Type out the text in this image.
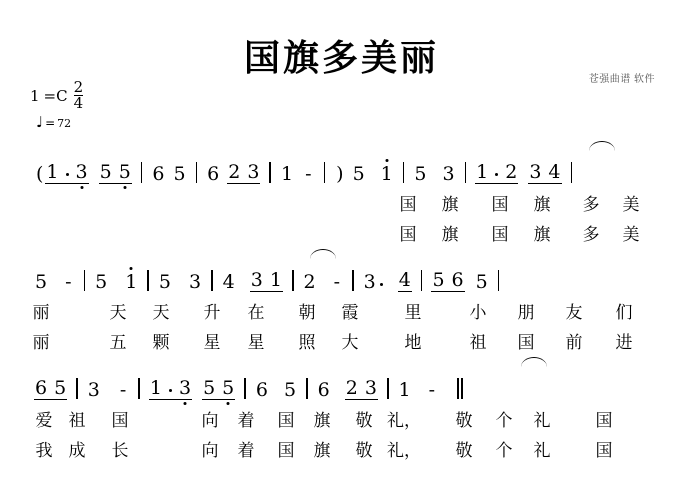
国旗多美丽
苍强曲谱 软件
$1 =C \frac{2}{4}$
♩ = 72
( 1 3 5 5 6 5 6 2 3 1 - ) 5 1 5 3 1 2 3 4
国 旗 国 旗 多 美
国 旗 国 旗 多 美
5 - 5 1 5 3 4 3 1 2 - 3 4 5 6 5
丽	天 天 升 在 朝 霞	里	小 朋 友 们
丽	五 颗 星 星 照 大	地	祖 国 前 进
6 5 3 - 1 3 5 5 6 5 6 2 3 1 -
爱 祖 国	向 着 国 旗 敬 礼， 敬 个 礼	国
我 成 长	向 着 国 旗 敬 礼， 敬 个 礼	国
